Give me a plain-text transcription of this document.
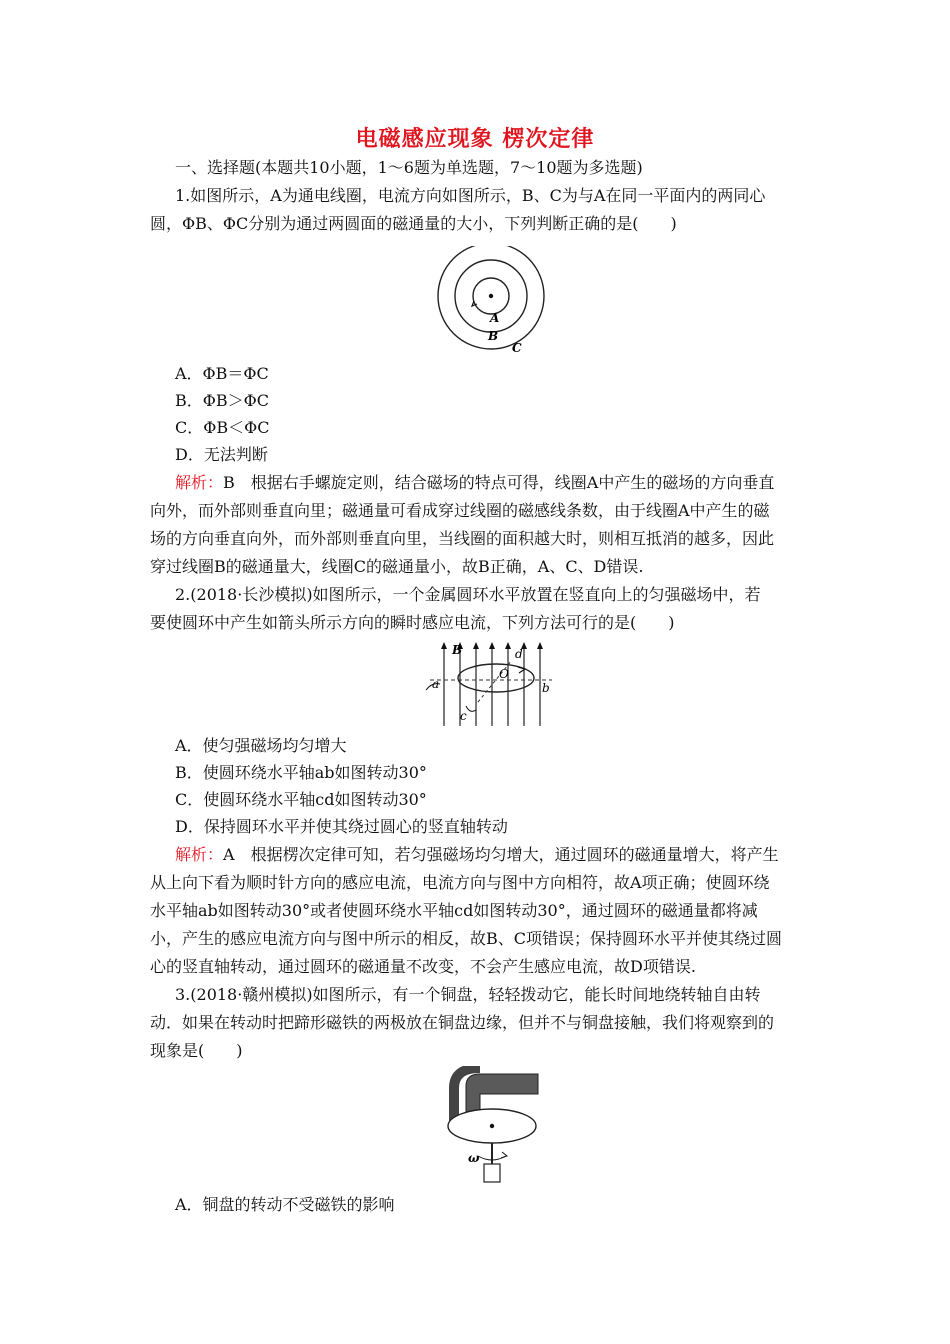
电磁感应现象 楞次定律
一、选择题(本题共10小题，1～6题为单选题，7～10题为多选题)
1.如图所示，A为通电线圈，电流方向如图所示，B、C为与A在同一平面内的两同心
圆，ΦB、ΦC分别为通过两圆面的磁通量的大小，下列判断正确的是(　　)
A
B
C
A．ΦB＝ΦC
B．ΦB＞ΦC
C．ΦB＜ΦC
D．无法判断
解析：B　根据右手螺旋定则，结合磁场的特点可得，线圈A中产生的磁场的方向垂直
向外，而外部则垂直向里；磁通量可看成穿过线圈的磁感线条数，由于线圈A中产生的磁
场的方向垂直向外，而外部则垂直向里，当线圈的面积越大时，则相互抵消的越多，因此
穿过线圈B的磁通量大，线圈C的磁通量小，故B正确，A、C、D错误.
2.(2018·长沙模拟)如图所示，一个金属圆环水平放置在竖直向上的匀强磁场中，若
要使圆环中产生如箭头所示方向的瞬时感应电流，下列方法可行的是(　　)
B	d
O
a	b
c
A．使匀强磁场均匀增大
B．使圆环绕水平轴ab如图转动30°
C．使圆环绕水平轴cd如图转动30°
D．保持圆环水平并使其绕过圆心的竖直轴转动
解析：A　根据楞次定律可知，若匀强磁场均匀增大，通过圆环的磁通量增大，将产生
从上向下看为顺时针方向的感应电流，电流方向与图中方向相符，故A项正确；使圆环绕
水平轴ab如图转动30°或者使圆环绕水平轴cd如图转动30°，通过圆环的磁通量都将减
小，产生的感应电流方向与图中所示的相反，故B、C项错误；保持圆环水平并使其绕过圆
心的竖直轴转动，通过圆环的磁通量不改变，不会产生感应电流，故D项错误.
3.(2018·赣州模拟)如图所示，有一个铜盘，轻轻拨动它，能长时间地绕转轴自由转
动．如果在转动时把蹄形磁铁的两极放在铜盘边缘，但并不与铜盘接触，我们将观察到的
现象是(　　)
ω
A．铜盘的转动不受磁铁的影响
